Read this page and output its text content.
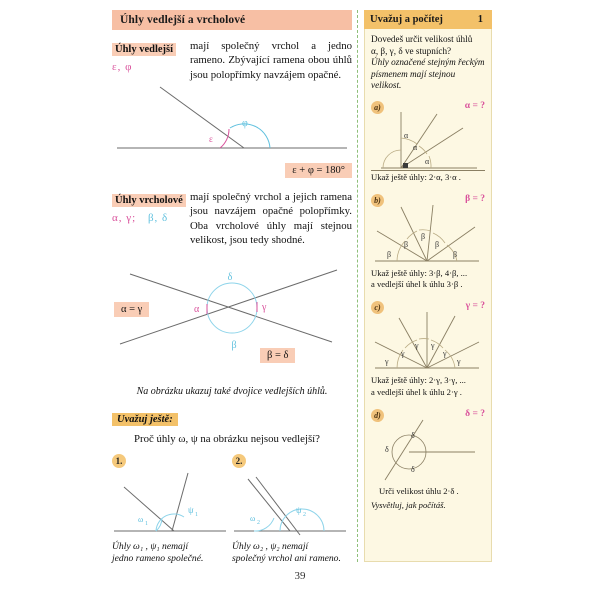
Úhly vedlejší a vrcholové
Úhly vedlejší
ε, φ
mají společný vrchol a jedno rameno. Zbývající ramena obou úhlů jsou polopřímky navzájem opačné.
ε
φ
ε + φ = 180°
Úhly vrcholové
α, γ; β, δ
mají společný vrchol a jejich ramena jsou navzájem opačné polopřímky. Oba vrcholové úhly mají stejnou velikost, jsou tedy shodné.
δ
β
α	γ
α = γ
β = δ
Na obrázku ukazuj také dvojice vedlejších úhlů.
Uvažuj ještě:
Proč úhly ω, ψ na obrázku nejsou vedlejší?
1.
ω 1
ψ 1
Úhly ω₁ , ψ₁ nemají
jedno rameno společné.
2.
ω 2
ψ 2
Úhly ω₂ , ψ₂ nemají
společný vrchol ani rameno.
Uvažuj a počítej	1
Dovedeš určit velikost úhlů
α, β, γ, δ ve stupních?
Úhly označené stejným řeckým písmenem mají stejnou velikost.
a)	α = ?
α
α
α
Ukaž ještě úhly: 2·α, 3·α .
b)	β = ?
β
β
β
β
β
Ukaž ještě úhly: 3·β, 4·β, ...
a vedlejší úhel k úhlu 3·β .
c)	γ = ?
γ
γ
γ γ
γ
γ
Ukaž ještě úhly: 2·γ, 3·γ, ...
a vedlejší úhel k úhlu 2·γ .
d)	δ = ?
δ
δ
δ
Urči velikost úhlu 2·δ .
Vysvětluj, jak počítáš.
39
